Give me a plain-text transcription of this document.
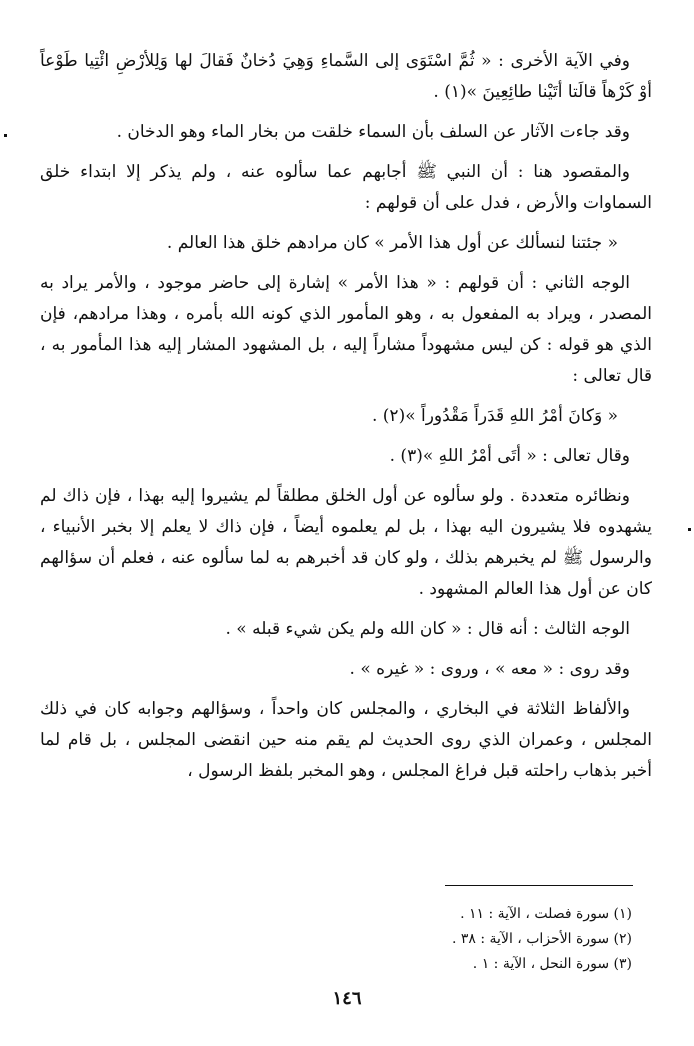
وفي الآية الأخرى : « ثُمَّ اسْتَوَى إلى السَّماءِ وَهِيَ دُخانٌ فَقالَ لها وَلِلأرْضِ ائْتِيا طَوْعاً أوْ كَرْهاً قالَتا أتَيْنا طائِعِينَ »(١) .

وقد جاءت الآثار عن السلف بأن السماء خلقت من بخار الماء وهو الدخان .

والمقصود هنا : أن النبي ﷺ أجابهم عما سألوه عنه ، ولم يذكر إلا ابتداء خلق السماوات والأرض ، فدل على أن قولهم :

« جئتنا لنسألك عن أول هذا الأمر » كان مرادهم خلق هذا العالم .

الوجه الثاني : أن قولهم : « هذا الأمر » إشارة إلى حاضر موجود ، والأمر يراد به المصدر ، ويراد به المفعول به ، وهو المأمور الذي كونه الله بأمره ، وهذا مرادهم، فإن الذي هو قوله : كن ليس مشهوداً مشاراً إليه ، بل المشهود المشار إليه هذا المأمور به ، قال تعالى :

« وَكانَ أمْرُ اللهِ قَدَراً مَقْدُوراً »(٢) .

وقال تعالى : « أتَى أمْرُ اللهِ »(٣) .

ونظائره متعددة . ولو سألوه عن أول الخلق مطلقاً لم يشيروا إليه بهذا ، فإن ذاك لم يشهدوه فلا يشيرون اليه بهذا ، بل لم يعلموه أيضاً ، فإن ذاك لا يعلم إلا بخبر الأنبياء ، والرسول ﷺ لم يخبرهم بذلك ، ولو كان قد أخبرهم به لما سألوه عنه ، فعلم أن سؤالهم كان عن أول هذا العالم المشهود .

الوجه الثالث : أنه قال : « كان الله ولم يكن شيء قبله » .

وقد روى : « معه » ، وروى : « غيره » .

والألفاظ الثلاثة في البخاري ، والمجلس كان واحداً ، وسؤالهم وجوابه كان في ذلك المجلس ، وعمران الذي روى الحديث لم يقم منه حين انقضى المجلس ، بل قام لما أخبر بذهاب راحلته قبل فراغ المجلس ، وهو المخبر بلفظ الرسول ،

(١) سورة فصلت ، الآية : ١١ .
(٢) سورة الأحزاب ، الآية : ٣٨ .
(٣) سورة النحل ، الآية : ١ .
١٤٦
